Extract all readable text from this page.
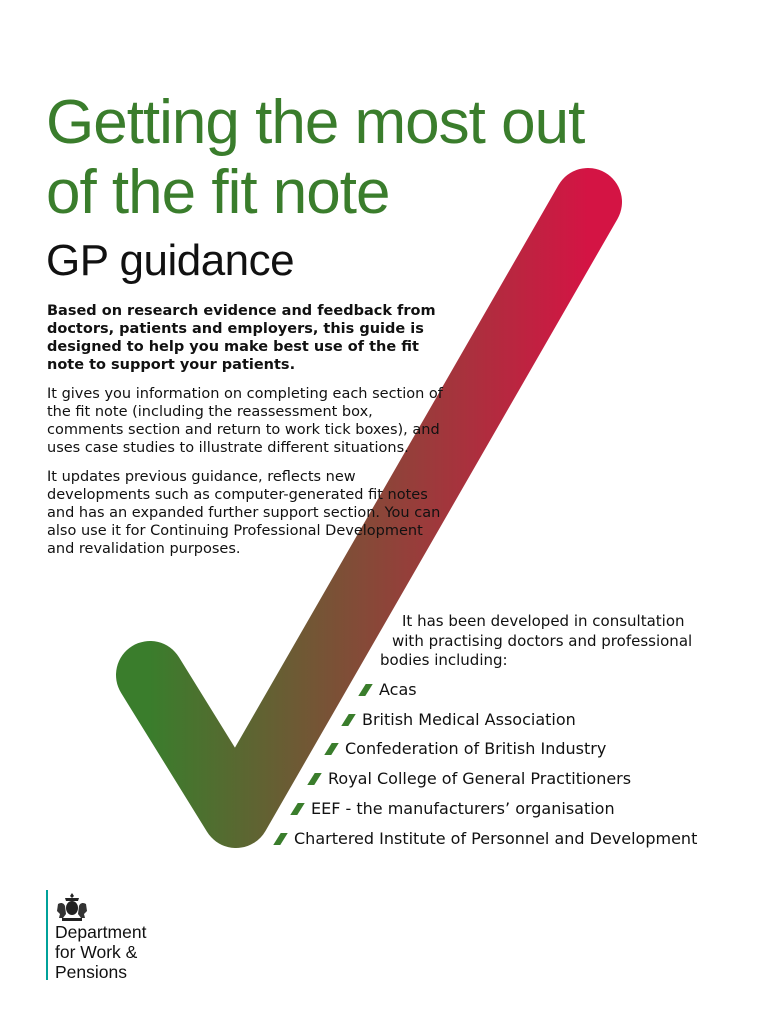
Getting the most out
of the fit note
GP guidance

Based on research evidence and feedback from doctors, patients and employers, this guide is designed to help you make best use of the fit note to support your patients.

It gives you information on completing each section of the fit note (including the reassessment box, comments section and return to work tick boxes), and uses case studies to illustrate different situations.

It updates previous guidance, reflects new developments such as computer-generated fit notes and has an expanded further support section. You can also use it for Continuing Professional Development and revalidation purposes.

It has been developed in consultation
with practising doctors and professional
bodies including:

Acas
British Medical Association
Confederation of British Industry
Royal College of General Practitioners
EEF - the manufacturers’ organisation
Chartered Institute of Personnel and Development
Department
for Work &
Pensions
